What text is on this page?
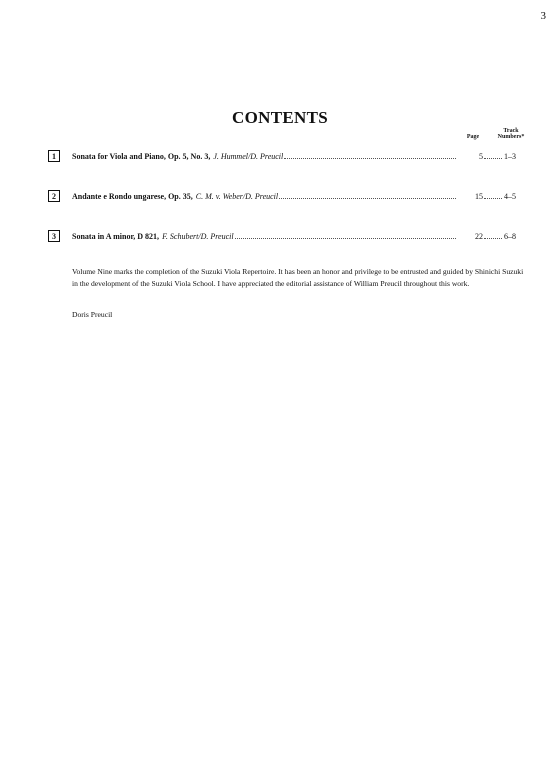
3
CONTENTS
Page
Track
Numbers*
1	Sonata for Viola and Piano, Op. 5, No. 3, J. Hummel/D. Preucil	5	1–3
2	Andante e Rondo ungarese, Op. 35, C. M. v. Weber/D. Preucil	15	4–5
3	Sonata in A minor, D 821, F. Schubert/D. Preucil	22	6–8
Volume Nine marks the completion of the Suzuki Viola Repertoire. It has been an honor and privilege to be entrusted and guided by Shinichi Suzuki in the development of the Suzuki Viola School. I have appreciated the editorial assistance of William Preucil throughout this work.
Doris Preucil
